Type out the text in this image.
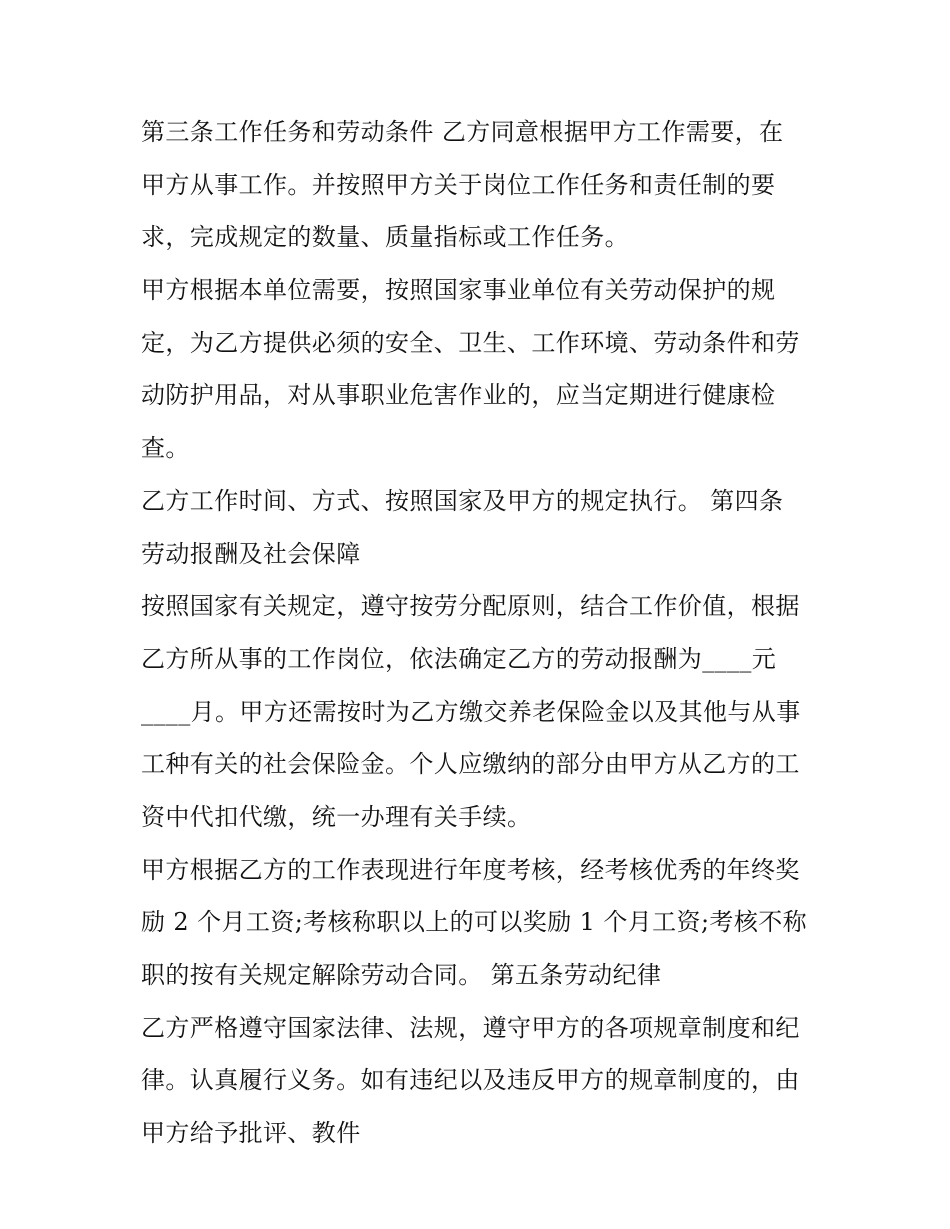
第三条工作任务和劳动条件 乙方同意根据甲方工作需要，在
甲方从事工作。并按照甲方关于岗位工作任务和责任制的要
求，完成规定的数量、质量指标或工作任务。
甲方根据本单位需要，按照国家事业单位有关劳动保护的规
定，为乙方提供必须的安全、卫生、工作环境、劳动条件和劳
动防护用品，对从事职业危害作业的，应当定期进行健康检
查。
乙方工作时间、方式、按照国家及甲方的规定执行。 第四条
劳动报酬及社会保障
按照国家有关规定，遵守按劳分配原则，结合工作价值，根据
乙方所从事的工作岗位，依法确定乙方的劳动报酬为____元
____月。甲方还需按时为乙方缴交养老保险金以及其他与从事
工种有关的社会保险金。个人应缴纳的部分由甲方从乙方的工
资中代扣代缴，统一办理有关手续。
甲方根据乙方的工作表现进行年度考核，经考核优秀的年终奖
励 2 个月工资;考核称职以上的可以奖励 1 个月工资;考核不称
职的按有关规定解除劳动合同。 第五条劳动纪律
乙方严格遵守国家法律、法规，遵守甲方的各项规章制度和纪
律。认真履行义务。如有违纪以及违反甲方的规章制度的，由
甲方给予批评、教件
